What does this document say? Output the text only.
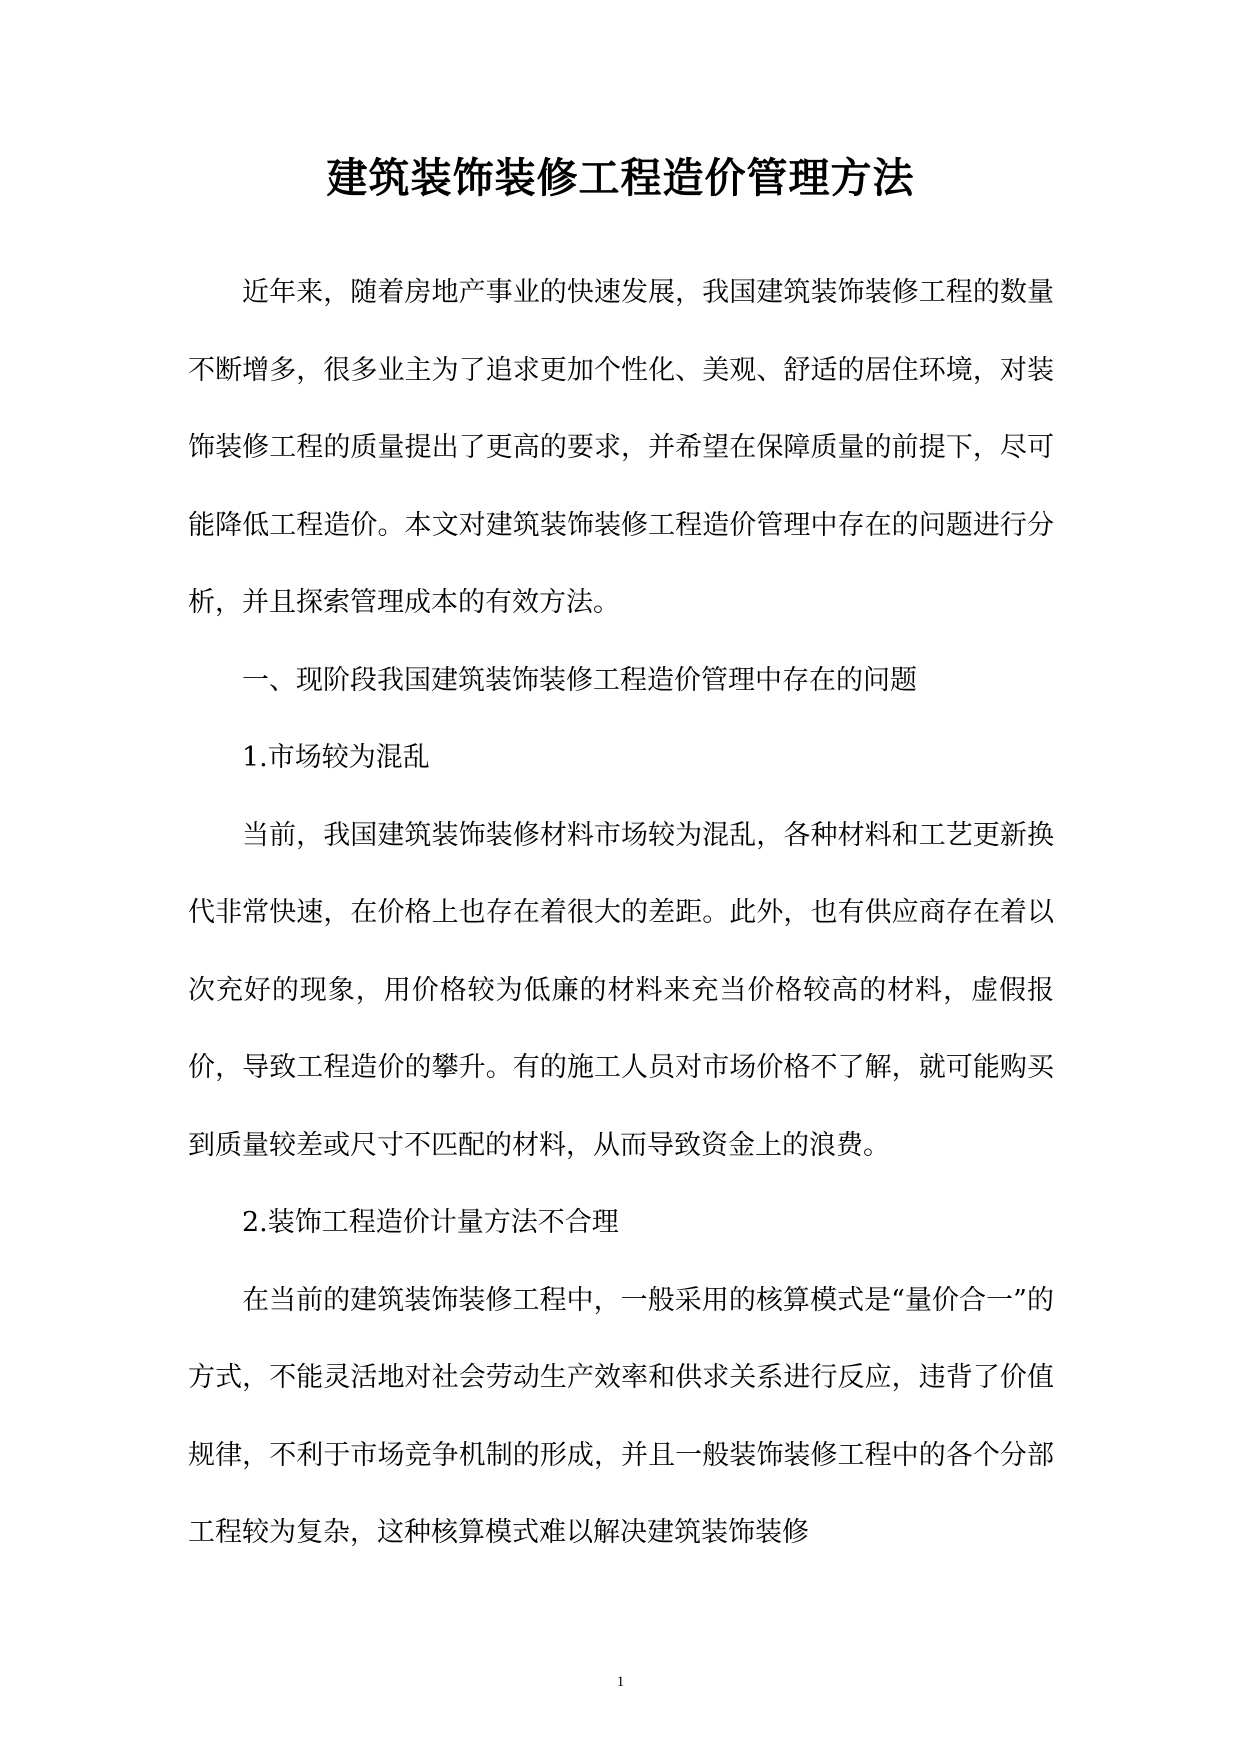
建筑装饰装修工程造价管理方法

近年来，随着房地产事业的快速发展，我国建筑装饰装修工程的数量不断增多，很多业主为了追求更加个性化、美观、舒适的居住环境，对装饰装修工程的质量提出了更高的要求，并希望在保障质量的前提下，尽可能降低工程造价。本文对建筑装饰装修工程造价管理中存在的问题进行分析，并且探索管理成本的有效方法。

一、现阶段我国建筑装饰装修工程造价管理中存在的问题

1.市场较为混乱

当前，我国建筑装饰装修材料市场较为混乱，各种材料和工艺更新换代非常快速，在价格上也存在着很大的差距。此外，也有供应商存在着以次充好的现象，用价格较为低廉的材料来充当价格较高的材料，虚假报价，导致工程造价的攀升。有的施工人员对市场价格不了解，就可能购买到质量较差或尺寸不匹配的材料，从而导致资金上的浪费。

2.装饰工程造价计量方法不合理

在当前的建筑装饰装修工程中，一般采用的核算模式是“量价合一”的方式，不能灵活地对社会劳动生产效率和供求关系进行反应，违背了价值规律，不利于市场竞争机制的形成，并且一般装饰装修工程中的各个分部工程较为复杂，这种核算模式难以解决建筑装饰装修

1
